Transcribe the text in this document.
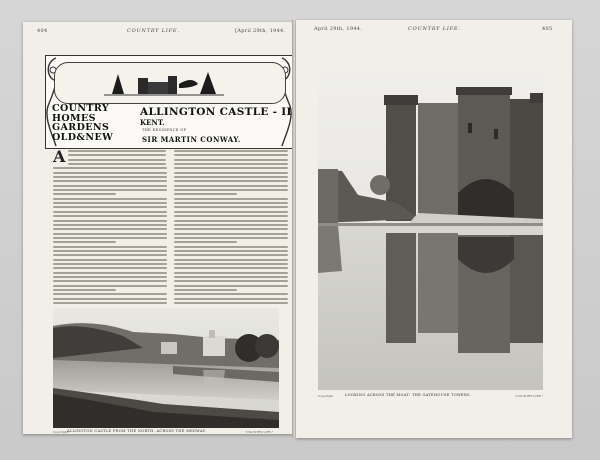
404	COUNTRY LIFE.	[April 29th, 1944.
COUNTRY
HOMES
GARDENS
OLD&NEW
ALLINGTON CASTLE - II
KENT.
THE RESIDENCE OF
SIR MARTIN CONWAY.
A
ALLINGTON CASTLE FROM THE NORTH, ACROSS THE MEDWAY.
Copyright	"COUNTRY LIFE."
April 29th, 1944.	COUNTRY LIFE.	405
LOOKING ACROSS THE MOAT: THE GATEHOUSE TOWERS.
Copyright	"COUNTRY LIFE."
